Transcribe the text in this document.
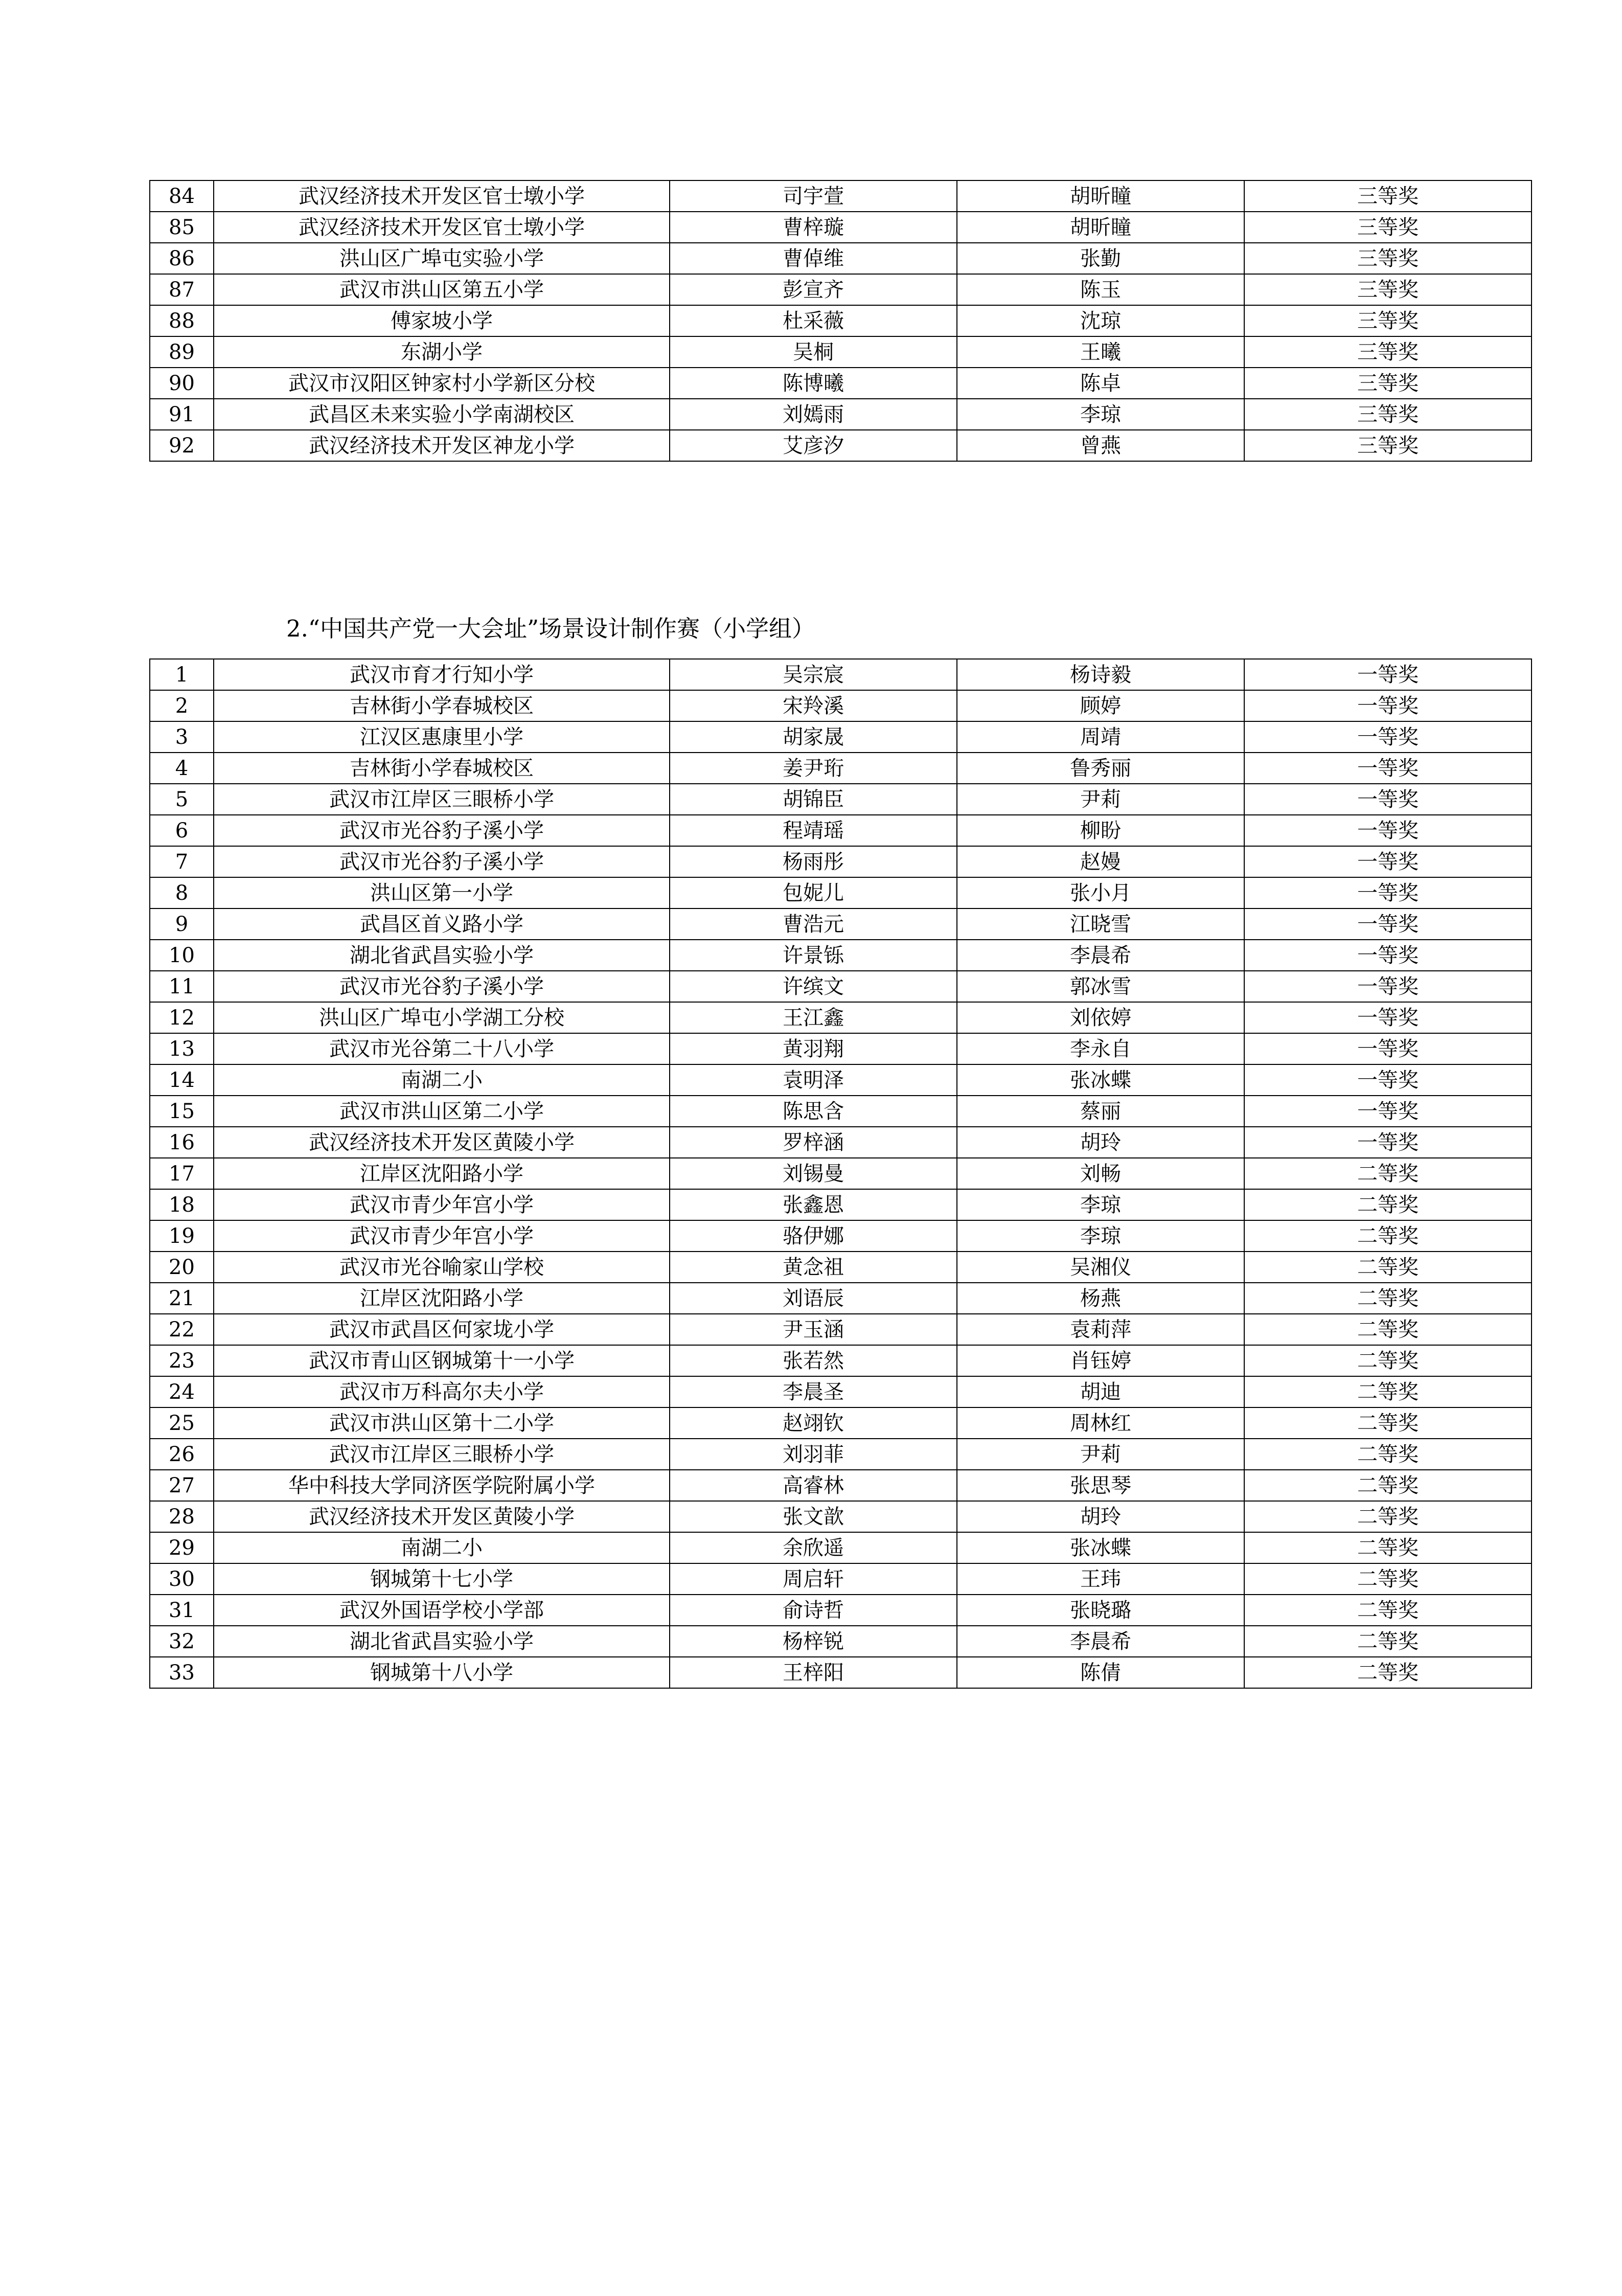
84	武汉经济技术开发区官士墩小学	司宇萱	胡昕瞳	三等奖
85	武汉经济技术开发区官士墩小学	曹梓璇	胡昕瞳	三等奖
86	洪山区广埠屯实验小学	曹倬维	张勤	三等奖
87	武汉市洪山区第五小学	彭宣齐	陈玉	三等奖
88	傅家坡小学	杜采薇	沈琼	三等奖
89	东湖小学	吴桐	王曦	三等奖
90	武汉市汉阳区钟家村小学新区分校	陈博曦	陈卓	三等奖
91	武昌区未来实验小学南湖校区	刘嫣雨	李琼	三等奖
92	武汉经济技术开发区神龙小学	艾彦汐	曾燕	三等奖
2.“中国共产党一大会址”场景设计制作赛（小学组）
1	武汉市育才行知小学	吴宗宸	杨诗毅	一等奖
2	吉林街小学春城校区	宋羚溪	顾婷	一等奖
3	江汉区惠康里小学	胡家晟	周靖	一等奖
4	吉林街小学春城校区	姜尹珩	鲁秀丽	一等奖
5	武汉市江岸区三眼桥小学	胡锦臣	尹莉	一等奖
6	武汉市光谷豹子溪小学	程靖瑶	柳盼	一等奖
7	武汉市光谷豹子溪小学	杨雨彤	赵嫚	一等奖
8	洪山区第一小学	包妮儿	张小月	一等奖
9	武昌区首义路小学	曹浩元	江晓雪	一等奖
10	湖北省武昌实验小学	许景铄	李晨希	一等奖
11	武汉市光谷豹子溪小学	许缤文	郭冰雪	一等奖
12	洪山区广埠屯小学湖工分校	王江鑫	刘依婷	一等奖
13	武汉市光谷第二十八小学	黄羽翔	李永自	一等奖
14	南湖二小	袁明泽	张冰蝶	一等奖
15	武汉市洪山区第二小学	陈思含	蔡丽	一等奖
16	武汉经济技术开发区黄陵小学	罗梓涵	胡玲	一等奖
17	江岸区沈阳路小学	刘锡曼	刘畅	二等奖
18	武汉市青少年宫小学	张鑫恩	李琼	二等奖
19	武汉市青少年宫小学	骆伊娜	李琼	二等奖
20	武汉市光谷喻家山学校	黄念祖	吴湘仪	二等奖
21	江岸区沈阳路小学	刘语辰	杨燕	二等奖
22	武汉市武昌区何家垅小学	尹玉涵	袁莉萍	二等奖
23	武汉市青山区钢城第十一小学	张若然	肖钰婷	二等奖
24	武汉市万科高尔夫小学	李晨圣	胡迪	二等奖
25	武汉市洪山区第十二小学	赵翊钦	周林红	二等奖
26	武汉市江岸区三眼桥小学	刘羽菲	尹莉	二等奖
27	华中科技大学同济医学院附属小学	高睿林	张思琴	二等奖
28	武汉经济技术开发区黄陵小学	张文歆	胡玲	二等奖
29	南湖二小	余欣遥	张冰蝶	二等奖
30	钢城第十七小学	周启轩	王玮	二等奖
31	武汉外国语学校小学部	俞诗哲	张晓璐	二等奖
32	湖北省武昌实验小学	杨梓锐	李晨希	二等奖
33	钢城第十八小学	王梓阳	陈倩	二等奖
